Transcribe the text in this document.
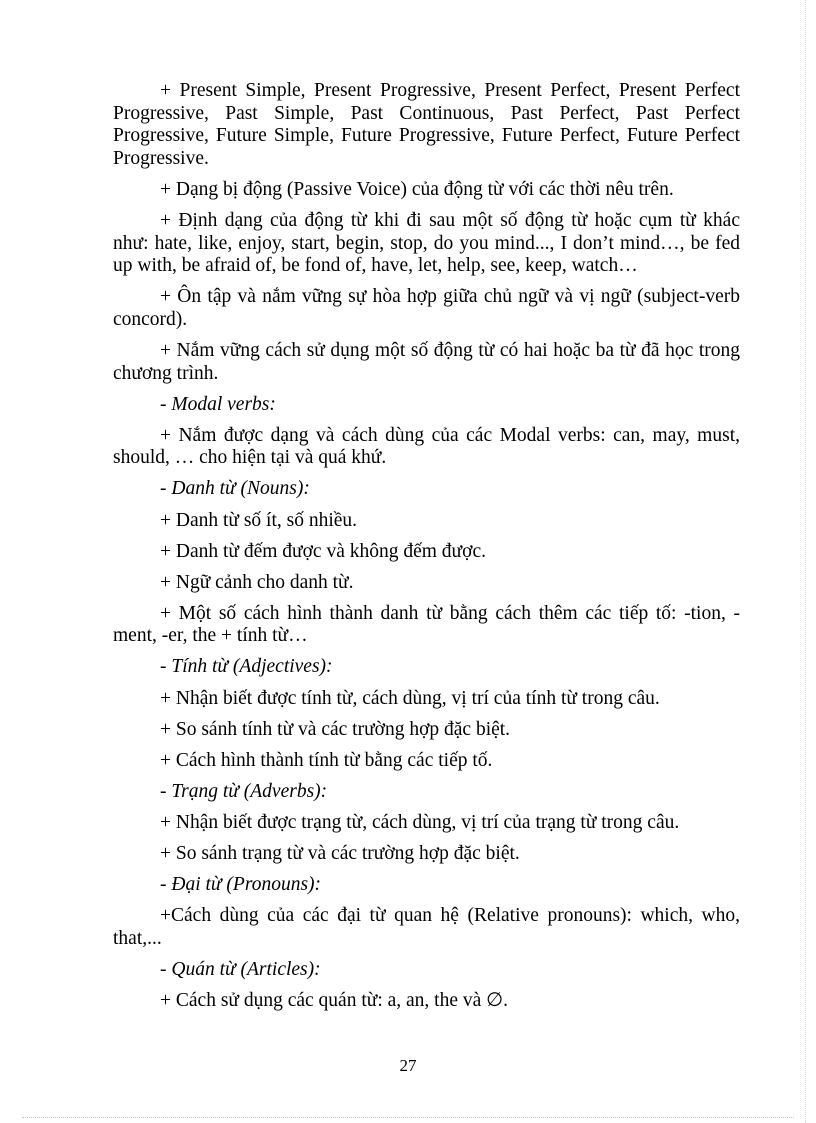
+ Present Simple, Present Progressive, Present Perfect, Present Perfect Progressive, Past Simple, Past Continuous, Past Perfect, Past Perfect Progressive, Future Simple, Future Progressive, Future Perfect, Future Perfect Progressive.

+ Dạng bị động (Passive Voice) của động từ với các thời nêu trên.

+ Định dạng của động từ khi đi sau một số động từ hoặc cụm từ khác như: hate, like, enjoy, start, begin, stop, do you mind..., I don’t mind…, be fed up with, be afraid of, be fond of, have, let, help, see, keep, watch…

+ Ôn tập và nắm vững sự hòa hợp giữa chủ ngữ và vị ngữ (subject-verb concord).

+ Nắm vững cách sử dụng một số động từ có hai hoặc ba từ đã học trong chương trình.

- Modal verbs:

+ Nắm được dạng và cách dùng của các Modal verbs: can, may, must, should, … cho hiện tại và quá khứ.

- Danh từ (Nouns):

+ Danh từ số ít, số nhiều.

+ Danh từ đếm được và không đếm được.

+ Ngữ cảnh cho danh từ.

+ Một số cách hình thành danh từ bằng cách thêm các tiếp tố: -tion, - ment, -er, the + tính từ…

- Tính từ (Adjectives):

+ Nhận biết được tính từ, cách dùng, vị trí của tính từ trong câu.

+ So sánh tính từ và các trường hợp đặc biệt.

+ Cách hình thành tính từ bằng các tiếp tố.

- Trạng từ (Adverbs):

+ Nhận biết được trạng từ, cách dùng, vị trí của trạng từ trong câu.

+ So sánh trạng từ và các trường hợp đặc biệt.

- Đại từ (Pronouns):

+Cách dùng của các đại từ quan hệ (Relative pronouns): which, who, that,...

- Quán từ (Articles):

+ Cách sử dụng các quán từ: a, an, the và ∅.

27
